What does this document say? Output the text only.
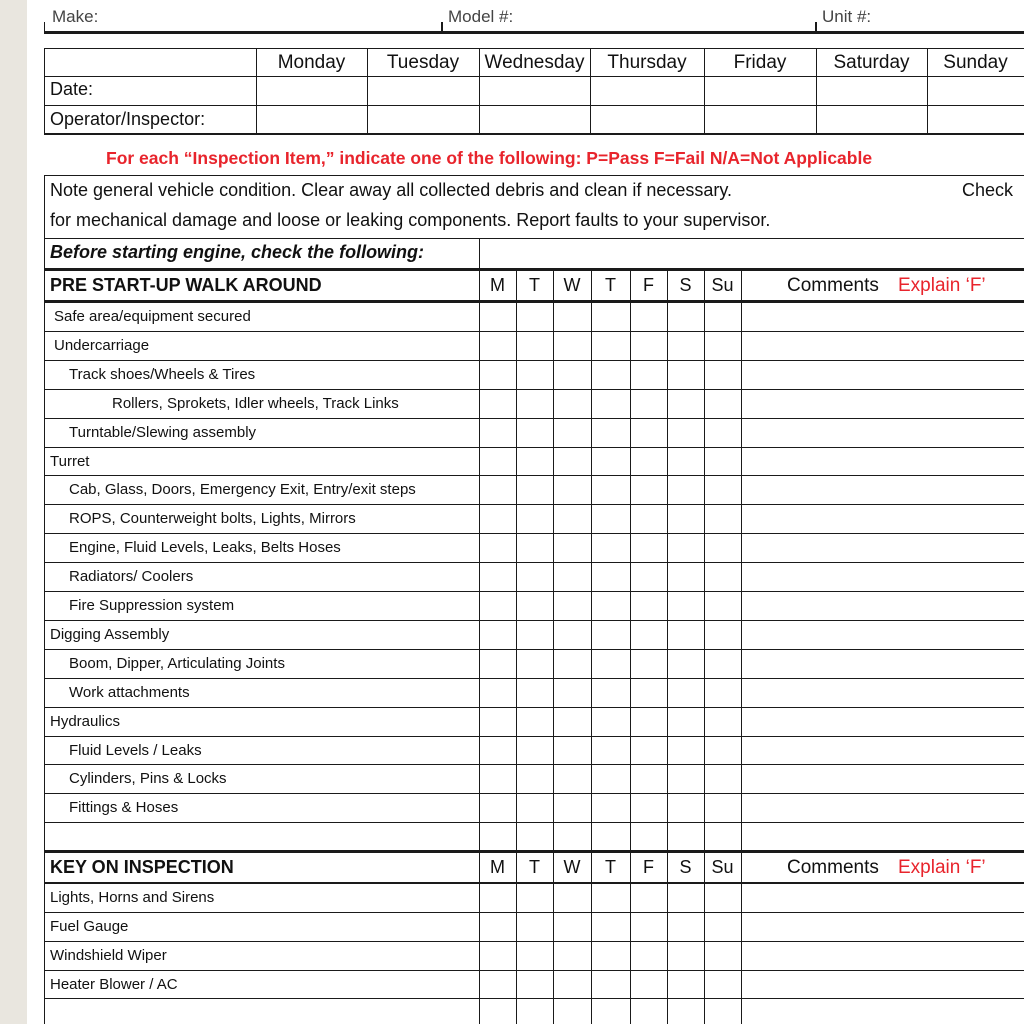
Make:	Model #:	Unit #:
Monday	Tuesday	Wednesday	Thursday	Friday	Saturday	Sunday
Date:
Operator/Inspector:
For each “Inspection Item,” indicate one of the following: P=Pass F=Fail N/A=Not Applicable
Note general vehicle condition. Clear away all collected debris and clean if necessary.	Check
for mechanical damage and loose or leaking components. Report faults to your supervisor.
Before starting engine, check the following:
PRE START-UP WALK AROUND	M	T	W	T	F	S	Su	Comments Explain ‘F’
Safe area/equipment secured
Undercarriage
Track shoes/Wheels & Tires
Rollers, Sprokets, Idler wheels, Track Links
Turntable/Slewing assembly
Turret
Cab, Glass, Doors, Emergency Exit, Entry/exit steps
ROPS, Counterweight bolts, Lights, Mirrors
Engine, Fluid Levels, Leaks, Belts Hoses
Radiators/ Coolers
Fire Suppression system
Digging Assembly
Boom, Dipper, Articulating Joints
Work attachments
Hydraulics
Fluid Levels / Leaks
Cylinders, Pins & Locks
Fittings & Hoses
KEY ON INSPECTION	M	T	W	T	F	S	Su	Comments Explain ‘F’
Lights, Horns and Sirens
Fuel Gauge
Windshield Wiper
Heater Blower / AC
